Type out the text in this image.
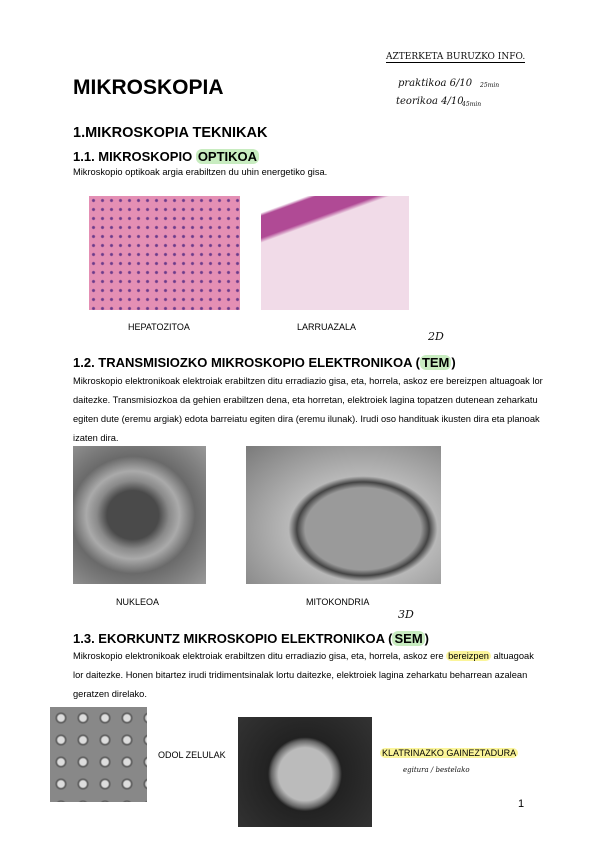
AZTERKETA BURUZKO INFO.
praktikoa 6/10 25min
teorikoa 4/10
45min
MIKROSKOPIA
1.MIKROSKOPIA TEKNIKAK
1.1. MIKROSKOPIO OPTIKOA
Mikroskopio optikoak argia erabiltzen du uhin energetiko gisa.
HEPATOZITOA	LARRUAZALA
2D
1.2. TRANSMISIOZKO MIKROSKOPIO ELEKTRONIKOA ( TEM )
Mikroskopio elektronikoak elektroiak erabiltzen ditu erradiazio gisa, eta, horrela, askoz ere bereizpen altuagoak lor daitezke. Transmisiozkoa da gehien erabiltzen dena, eta horretan, elektroiek lagina topatzen dutenean zeharkatu egiten dute (eremu argiak) edota barreiatu egiten dira (eremu ilunak). Irudi oso handituak ikusten dira eta planoak izaten dira.
NUKLEOA	MITOKONDRIA
3D
1.3. EKORKUNTZ MIKROSKOPIO ELEKTRONIKOA ( SEM )
Mikroskopio elektronikoak elektroiak erabiltzen ditu erradiazio gisa, eta, horrela, askoz ere bereizpen altuagoak lor daitezke. Honen bitartez irudi tridimentsinalak lortu daitezke, elektroiek lagina zeharkatu beharrean azalean geratzen direlako.
ODOL ZELULAK	KLATRINAZKO GAINEZTADURA
egitura / bestelako
1
